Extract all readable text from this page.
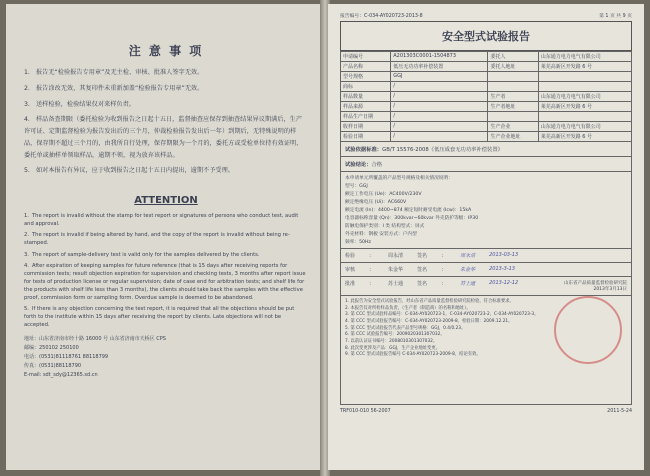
注 意 事 项
1. 报告无“检验报告专用章”及无主检、审核、批准人签字无效。
2. 报告涂改无效，其复印件未重新加盖“检验报告专用章”无效。
3. 送样检验，检验结果仅对来样负责。
4. 样品备查期限（委托检验为收到报告之日起十五日，监督抽查应保存到抽查结果异议期满后，生产许可证、定期监督检验为报告发出后的三个月，仲裁检验报告发出后一年）到期后，无特殊说明的样品，保存期不超过三个月的，由我所自行处理，保存期限为一个月的，委托方或受检单位持有效证明、委托单或抽样单领取样品，逾期不领，视为放弃该样品。
5. 如对本报告有异议，应于收到报告之日起十五日内提出，逾期不予受理。
ATTENTION
1. The report is invalid without the stamp for test report or signatures of persons who conduct test, audit and approval.
2. The report is invalid if being altered by hand, and the copy of the report is invalid without being re-stamped.
3. The report of sample-delivery test is valid only for the samples delivered by the clients.
4. After expiration of keeping samples for future reference (that is 15 days after receiving reports for commission tests; result objection expiration for supervision and checking tests, 3 months after report issue for tests of production license or regular supervision; date of case end for arbitration tests; and shelf life for the products with shelf life less than 3 months), the clients should take back the samples with the effective proof, commission form or sampling form. Overdue sample is deemed to be abandoned.
5. If there is any objection concerning the test report, it is required that all the objections should be put forth to the institute within 15 days after receiving the report by clients. Late objections will not be accepted.
地址：山东省济南市经十路 16000 号 山东省济南市天桥区 CPS
邮编：250102 250100
电话：(0531)81118761 88118799
传真：(0531)88118790
E-mail: sdt_sdy@12365.sd.cn
报告编号：C-034-AY020723-2013-8	第 1 页 共 9 页
安全型式试验报告
申请编号	A201303C0001-1504873	委托人	山东通力电力电气有限公司
产品名称	低压无功功率补偿装置	委托人地址	莱芜高新区开发路 6 号
型号规格	GGJ		
商标	/		
样品数量	/	生产者	山东通力电力电气有限公司
样品来源	/	生产者地址	莱芜高新区开发路 6 号
样品生产日期	/		
收样日期	/	生产企业	山东通力电力电气有限公司
检验日期	/	生产企业地址	莱芜高新区开发路 6 号
试验依据标准：GB/T 15576-2008《低压成套无功功率补偿装置》
试验结论：合格
本申请单元所覆盖的产品型号规格及相关情况说明：
型号：GGJ
额定工作电压 (Ue)：AC400V/230V
额定绝缘电压 (Ui)：AC660V
额定电流 (In)：4400~874 额定短时耐受电流 (Icw)：15kA
电容器标称容量 (Qn)：300kvar~60kvar 外壳防护等级：IP30
防触电保护类别：I 类 结构型式：屏式
外壳材料：钢板 安装方式：户内型
频率：50Hz
检验	：	周永清	签名	：	周永清	2013-03-13
审核	：	朱金华	签名	：	朱金华	2013-3-13
批准	：	苏士通	签名	：	苏士通	2013-12-12	山东省产品质量监督检验研究院
2013年3月13日
1. 此报告为安全型式试验报告，经山东省产品质量监督检验研究院检验，符合标准要求。
2. 本报告仅对所检样品负责，（生产者（制造商）的名称和地址）。
3. 第 CCC 型式试验样品编号：C-034-AY020723-1，C-034-AY020723-2，C-034-AY020723-3。
4. 第 CCC 型式试验报告编号：C-034-AY020723-2009-8，检验日期：2009.12.21。
5. 第 CCC 型式试验报告代表产品型号规格：GGJ，0.4/0.23。
6. 第 CCC 试验报告编号：2009020301307032。
7. 以前认证证书编号：2008010301307032。
8. 此次变更涉及产品：GGJ，生产企业地址变更。
9. 第 CCC 型式试验报告编号 C-034-AY020723-2009-8，结论有效。
TRF010-010 56-2007	2011-5-24
